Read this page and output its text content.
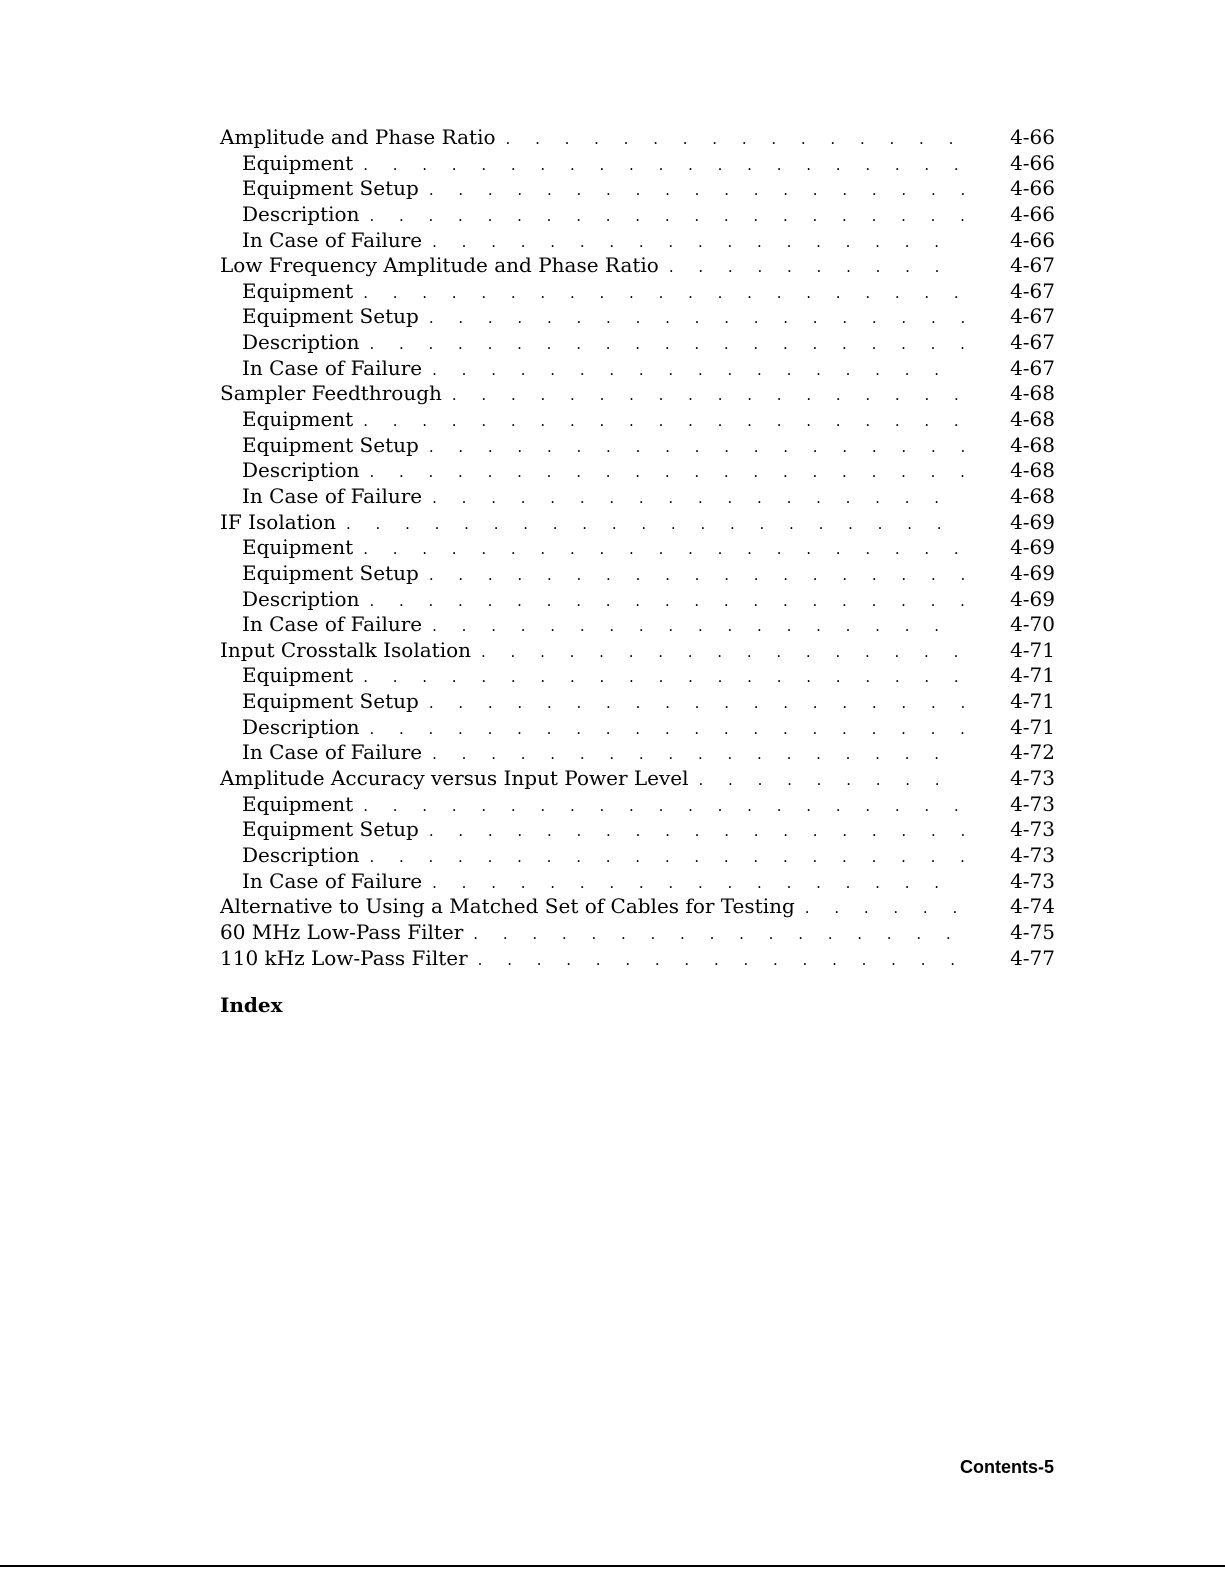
Amplitude and Phase Ratio . . .	4-66
Equipment . . .	4-66
Equipment Setup . . .	4-66
Description . . .	4-66
In Case of Failure . . .	4-66
Low Frequency Amplitude and Phase Ratio . . .	4-67
Equipment . . .	4-67
Equipment Setup . . .	4-67
Description . . .	4-67
In Case of Failure . . .	4-67
Sampler Feedthrough . . .	4-68
Equipment . . .	4-68
Equipment Setup . . .	4-68
Description . . .	4-68
In Case of Failure . . .	4-68
IF Isolation . . .	4-69
Equipment . . .	4-69
Equipment Setup . . .	4-69
Description . . .	4-69
In Case of Failure . . .	4-70
Input Crosstalk Isolation . . .	4-71
Equipment . . .	4-71
Equipment Setup . . .	4-71
Description . . .	4-71
In Case of Failure . . .	4-72
Amplitude Accuracy versus Input Power Level . . .	4-73
Equipment . . .	4-73
Equipment Setup . . .	4-73
Description . . .	4-73
In Case of Failure . . .	4-73
Alternative to Using a Matched Set of Cables for Testing . . .	4-74
60 MHz Low-Pass Filter . . .	4-75
110 kHz Low-Pass Filter . . .	4-77
Index
Contents-5
